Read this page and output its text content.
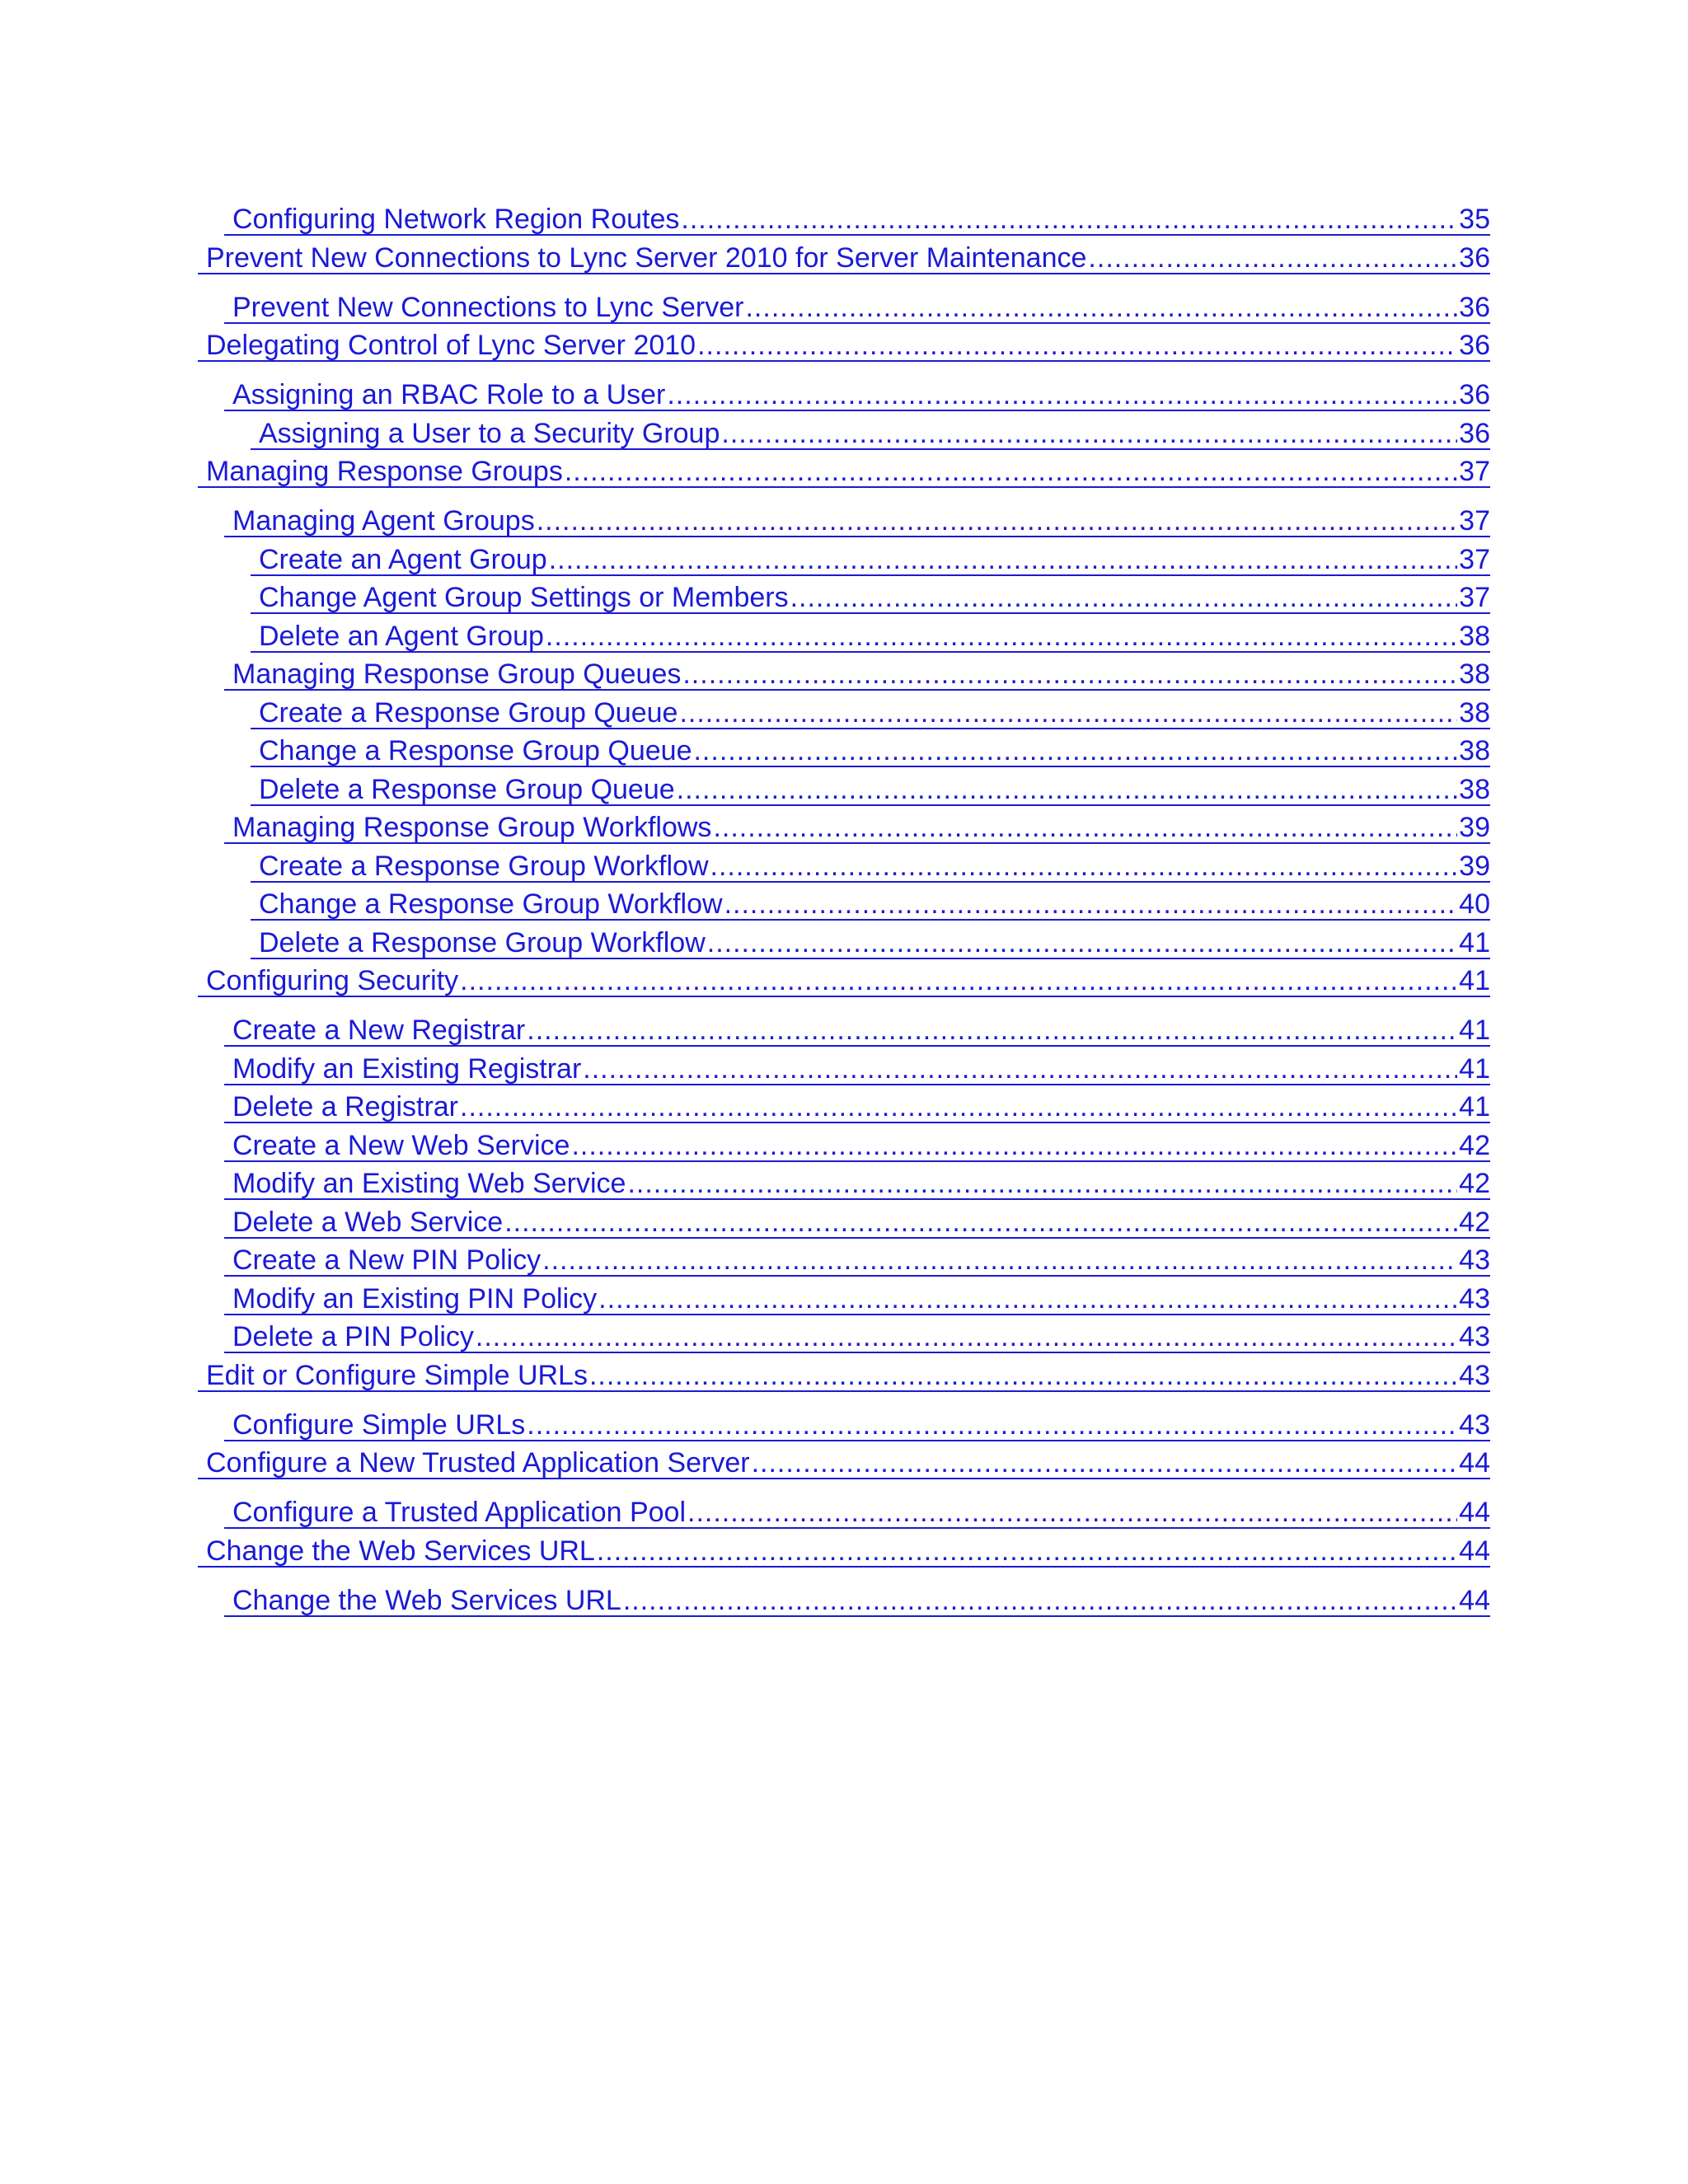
Configuring Network Region Routes .....	35
Prevent New Connections to Lync Server 2010 for Server Maintenance .....	36
Prevent New Connections to Lync Server .....	36
Delegating Control of Lync Server 2010 .....	36
Assigning an RBAC Role to a User .....	36
Assigning a User to a Security Group .....	36
Managing Response Groups .....	37
Managing Agent Groups .....	37
Create an Agent Group .....	37
Change Agent Group Settings or Members .....	37
Delete an Agent Group .....	38
Managing Response Group Queues .....	38
Create a Response Group Queue .....	38
Change a Response Group Queue .....	38
Delete a Response Group Queue .....	38
Managing Response Group Workflows .....	39
Create a Response Group Workflow .....	39
Change a Response Group Workflow .....	40
Delete a Response Group Workflow .....	41
Configuring Security .....	41
Create a New Registrar .....	41
Modify an Existing Registrar .....	41
Delete a Registrar .....	41
Create a New Web Service .....	42
Modify an Existing Web Service .....	42
Delete a Web Service .....	42
Create a New PIN Policy .....	43
Modify an Existing PIN Policy .....	43
Delete a PIN Policy .....	43
Edit or Configure Simple URLs .....	43
Configure Simple URLs .....	43
Configure a New Trusted Application Server .....	44
Configure a Trusted Application Pool .....	44
Change the Web Services URL .....	44
Change the Web Services URL .....	44
